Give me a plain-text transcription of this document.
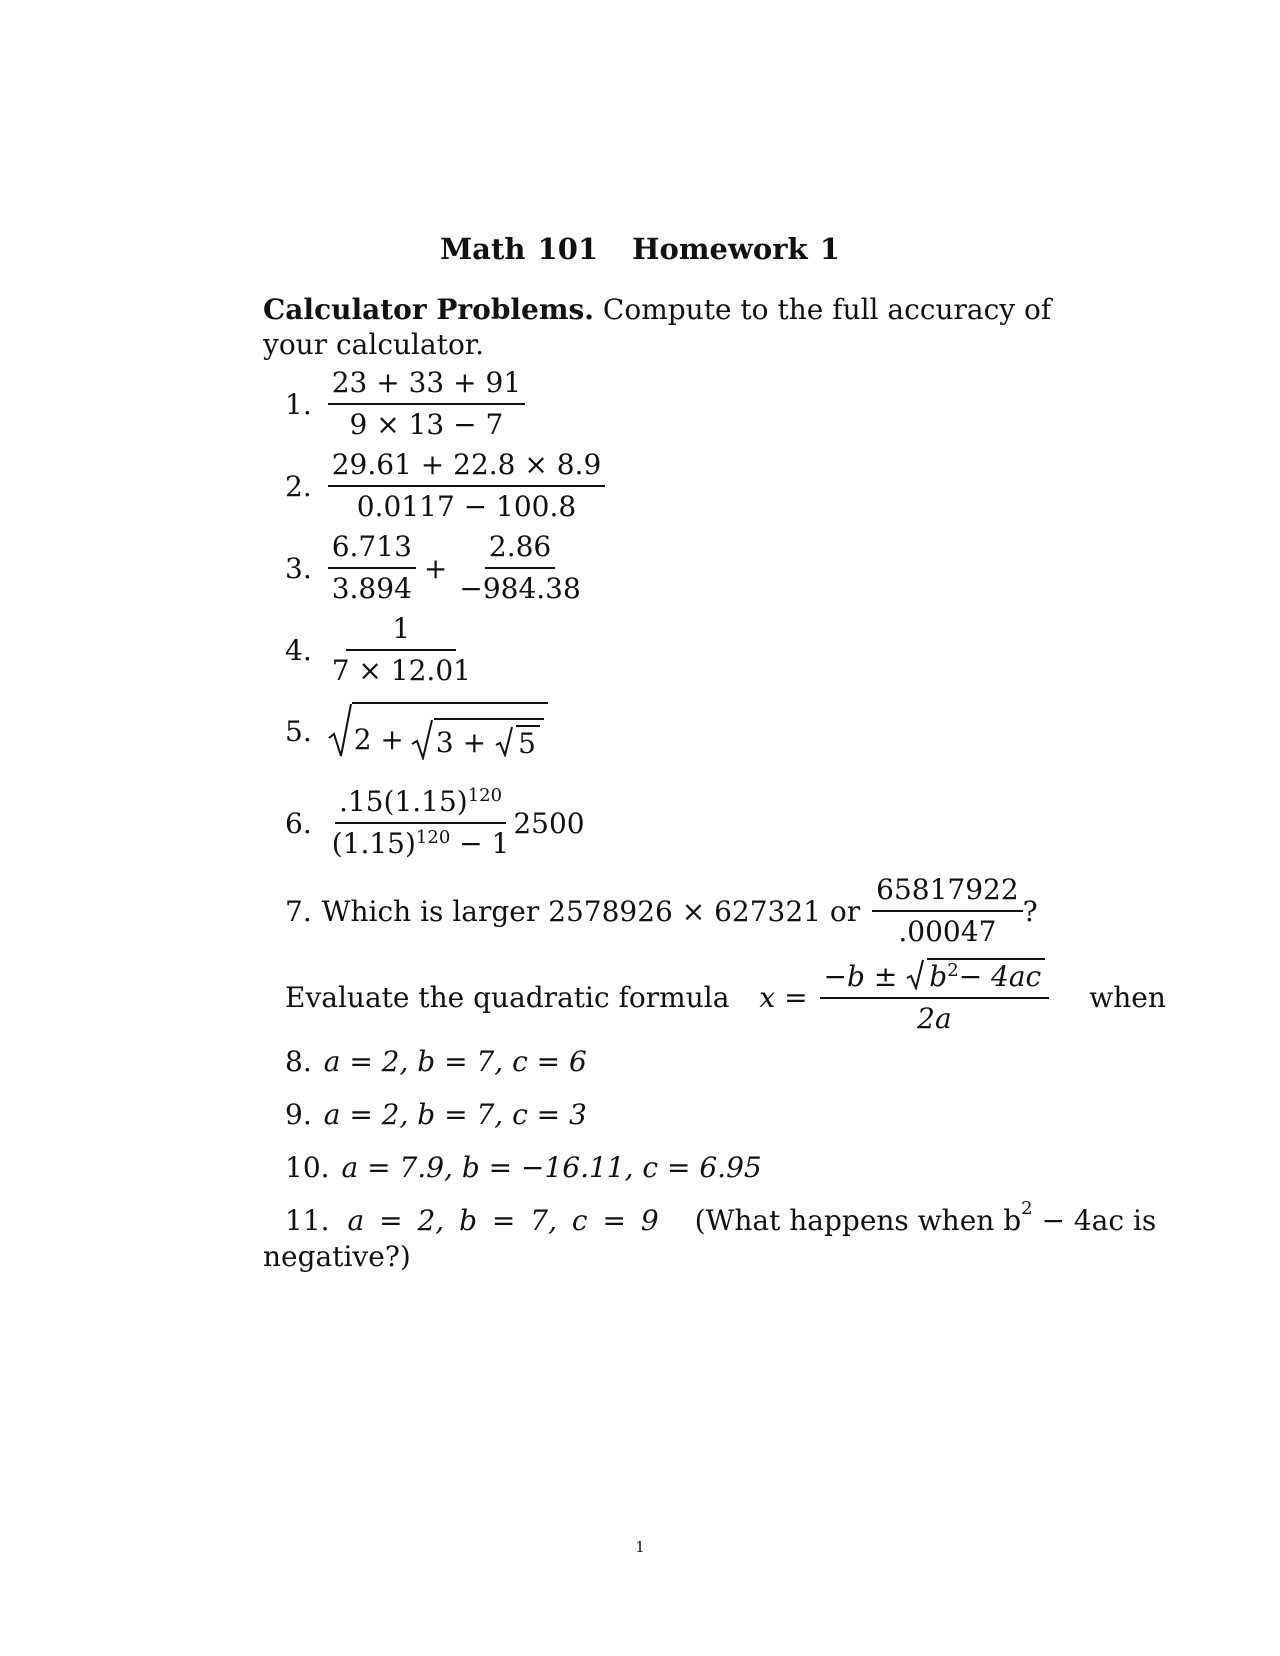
Math 101 Homework 1
Calculator Problems. Compute to the full accuracy of your calculator.
1. $\frac{23 + 33 + 91}{9 \times 13 - 7}$
2. $\frac{29.61 + 22.8 \times 8.9}{0.0117 - 100.8}$
3. $\frac{6.713}{3.894} + \frac{2.86}{-984.38}$
4. $\frac{1}{7 \times 12.01}$
5. 2 + 3 + 5
6. $\frac{.15(1.15)^{120}}{(1.15)^{120} - 1} 2500$
7. Which is larger 2578926 × 627321 or $\frac{65817922}{.00047}$ ?
Evaluate the quadratic formula x =
$-b \pm b^2 - 4ac$
2a
when
8. a = 2, b = 7, c = 6
9. a = 2, b = 7, c = 3
10. a = 7.9, b = −16.11, c = 6.95
11. a = 2, b = 7, c = 9 (What happens when $b^2 - 4ac$ is
negative?)
1
